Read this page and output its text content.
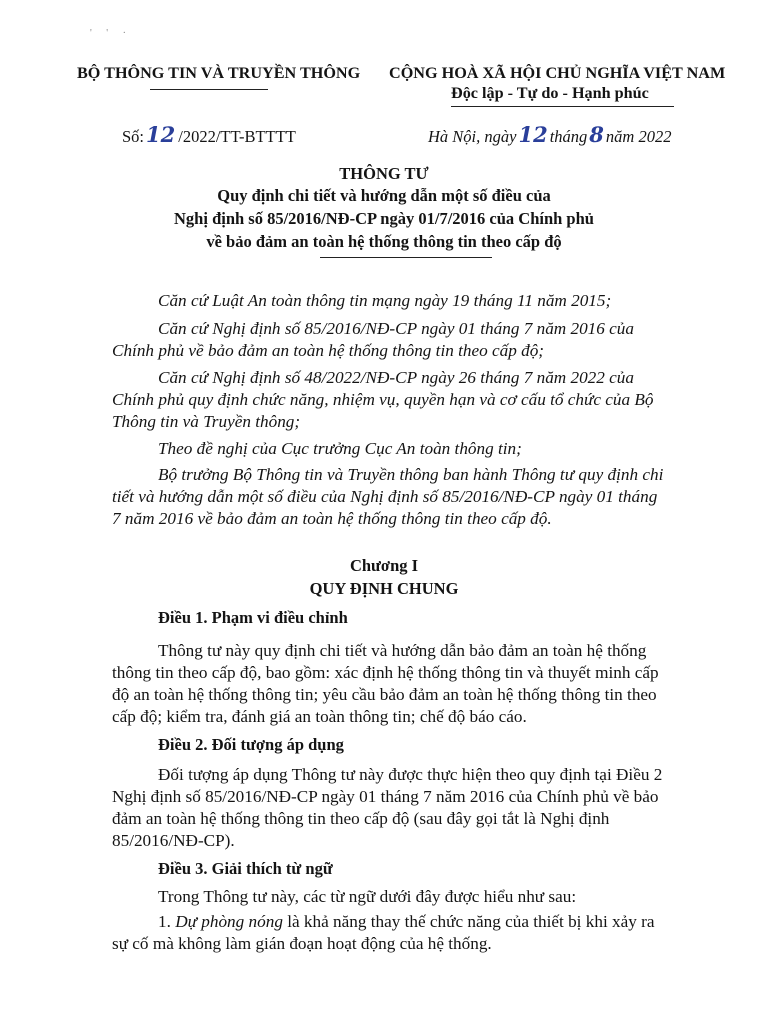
' ' ·
BỘ THÔNG TIN VÀ TRUYỀN THÔNG CỘNG HOÀ XÃ HỘI CHỦ NGHĨA VIỆT NAM
Độc lập - Tự do - Hạnh phúc
Số:12 /2022/TT-BTTTT	Hà Nội, ngày12 tháng8 năm 2022
THÔNG TƯ
Quy định chi tiết và hướng dẫn một số điều của
Nghị định số 85/2016/NĐ-CP ngày 01/7/2016 của Chính phủ
về bảo đảm an toàn hệ thống thông tin theo cấp độ
Căn cứ Luật An toàn thông tin mạng ngày 19 tháng 11 năm 2015;
Căn cứ Nghị định số 85/2016/NĐ-CP ngày 01 tháng 7 năm 2016 của
Chính phủ về bảo đảm an toàn hệ thống thông tin theo cấp độ;
Căn cứ Nghị định số 48/2022/NĐ-CP ngày 26 tháng 7 năm 2022 của
Chính phủ quy định chức năng, nhiệm vụ, quyền hạn và cơ cấu tổ chức của Bộ
Thông tin và Truyền thông;
Theo đề nghị của Cục trưởng Cục An toàn thông tin;
Bộ trưởng Bộ Thông tin và Truyền thông ban hành Thông tư quy định chi
tiết và hướng dẫn một số điều của Nghị định số 85/2016/NĐ-CP ngày 01 tháng
7 năm 2016 về bảo đảm an toàn hệ thống thông tin theo cấp độ.
Chương I
QUY ĐỊNH CHUNG
Điều 1. Phạm vi điều chỉnh
Thông tư này quy định chi tiết và hướng dẫn bảo đảm an toàn hệ thống
thông tin theo cấp độ, bao gồm: xác định hệ thống thông tin và thuyết minh cấp
độ an toàn hệ thống thông tin; yêu cầu bảo đảm an toàn hệ thống thông tin theo
cấp độ; kiểm tra, đánh giá an toàn thông tin; chế độ báo cáo.
Điều 2. Đối tượng áp dụng
Đối tượng áp dụng Thông tư này được thực hiện theo quy định tại Điều 2
Nghị định số 85/2016/NĐ-CP ngày 01 tháng 7 năm 2016 của Chính phủ về bảo
đảm an toàn hệ thống thông tin theo cấp độ (sau đây gọi tắt là Nghị định
85/2016/NĐ-CP).
Điều 3. Giải thích từ ngữ
Trong Thông tư này, các từ ngữ dưới đây được hiểu như sau:
1. Dự phòng nóng là khả năng thay thế chức năng của thiết bị khi xảy ra
sự cố mà không làm gián đoạn hoạt động của hệ thống.
